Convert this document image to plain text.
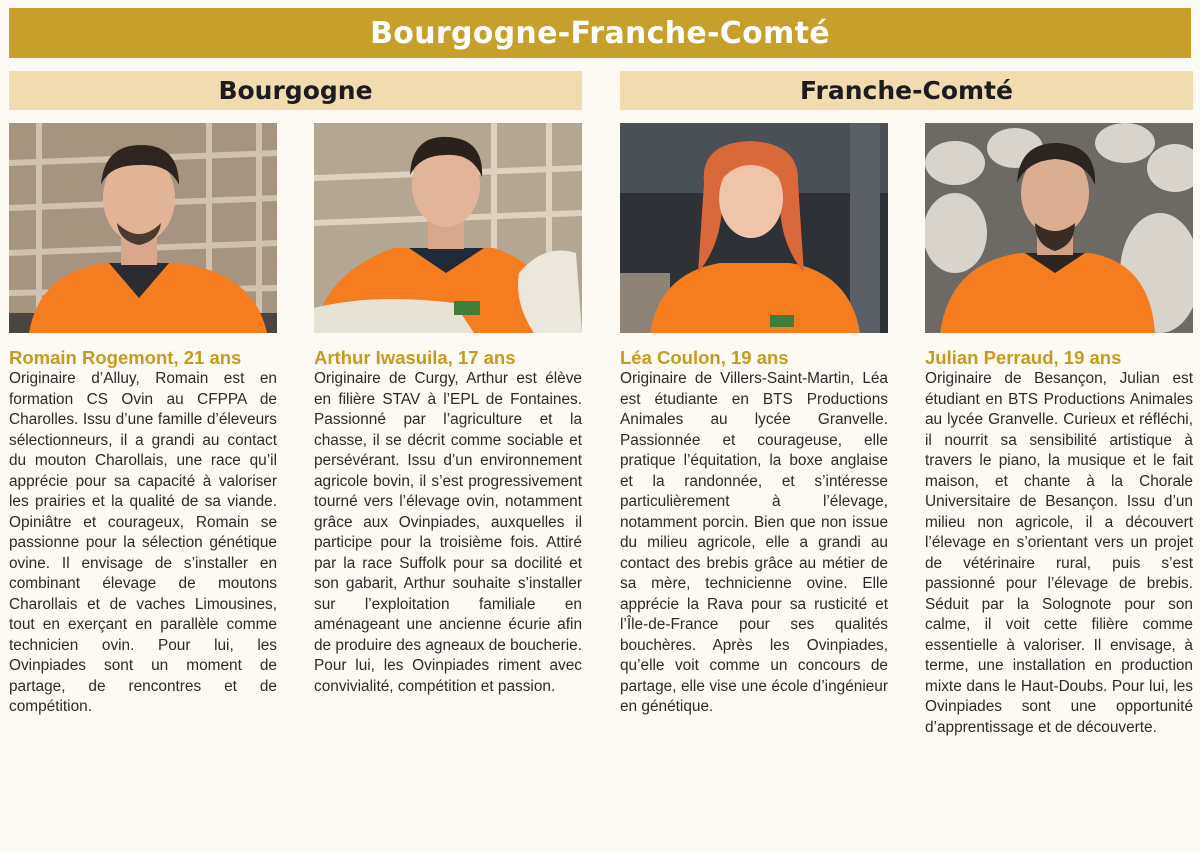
Bourgogne-Franche-Comté
Bourgogne	Franche-Comté
Romain Rogemont, 21 ans
Originaire d’Alluy, Romain est en formation CS Ovin au CFPPA de Charolles. Issu d’une famille d’éleveurs sélectionneurs, il a grandi au contact du mouton Charollais, une race qu’il apprécie pour sa capacité à valoriser les prairies et la qualité de sa viande. Opiniâtre et courageux, Romain se passionne pour la sélection génétique ovine. Il envisage de s’installer en combinant élevage de moutons Charollais et de vaches Limousines, tout en exerçant en parallèle comme technicien ovin. Pour lui, les Ovinpiades sont un moment de partage, de rencontres et de compétition.
Arthur Iwasuila, 17 ans
Originaire de Curgy, Arthur est élève en filière STAV à l’EPL de Fontaines. Passionné par l’agriculture et la chasse, il se décrit comme sociable et persévérant. Issu d’un environnement agricole bovin, il s’est progressivement tourné vers l’élevage ovin, notamment grâce aux Ovinpiades, auxquelles il participe pour la troisième fois. Attiré par la race Suffolk pour sa docilité et son gabarit, Arthur souhaite s’installer sur l’exploitation familiale en aménageant une ancienne écurie afin de produire des agneaux de boucherie. Pour lui, les Ovinpiades riment avec convivialité, compétition et passion.
Léa Coulon, 19 ans
Originaire de Villers-Saint-Martin, Léa est étudiante en BTS Productions Animales au lycée Granvelle. Passionnée et courageuse, elle pratique l’équitation, la boxe anglaise et la randonnée, et s’intéresse particulièrement à l’élevage, notamment porcin. Bien que non issue du milieu agricole, elle a grandi au contact des brebis grâce au métier de sa mère, technicienne ovine. Elle apprécie la Rava pour sa rusticité et l’Île-de-France pour ses qualités bouchères. Après les Ovinpiades, qu’elle voit comme un concours de partage, elle vise une école d’ingénieur en génétique.
Julian Perraud, 19 ans
Originaire de Besançon, Julian est étudiant en BTS Productions Animales au lycée Granvelle. Curieux et réfléchi, il nourrit sa sensibilité artistique à travers le piano, la musique et le fait maison, et chante à la Chorale Universitaire de Besançon. Issu d’un milieu non agricole, il a découvert l’élevage en s’orientant vers un projet de vétérinaire rural, puis s’est passionné pour l’élevage de brebis. Séduit par la Solognote pour son calme, il voit cette filière comme essentielle à valoriser. Il envisage, à terme, une installation en production mixte dans le Haut-Doubs. Pour lui, les Ovinpiades sont une opportunité d’apprentissage et de découverte.
